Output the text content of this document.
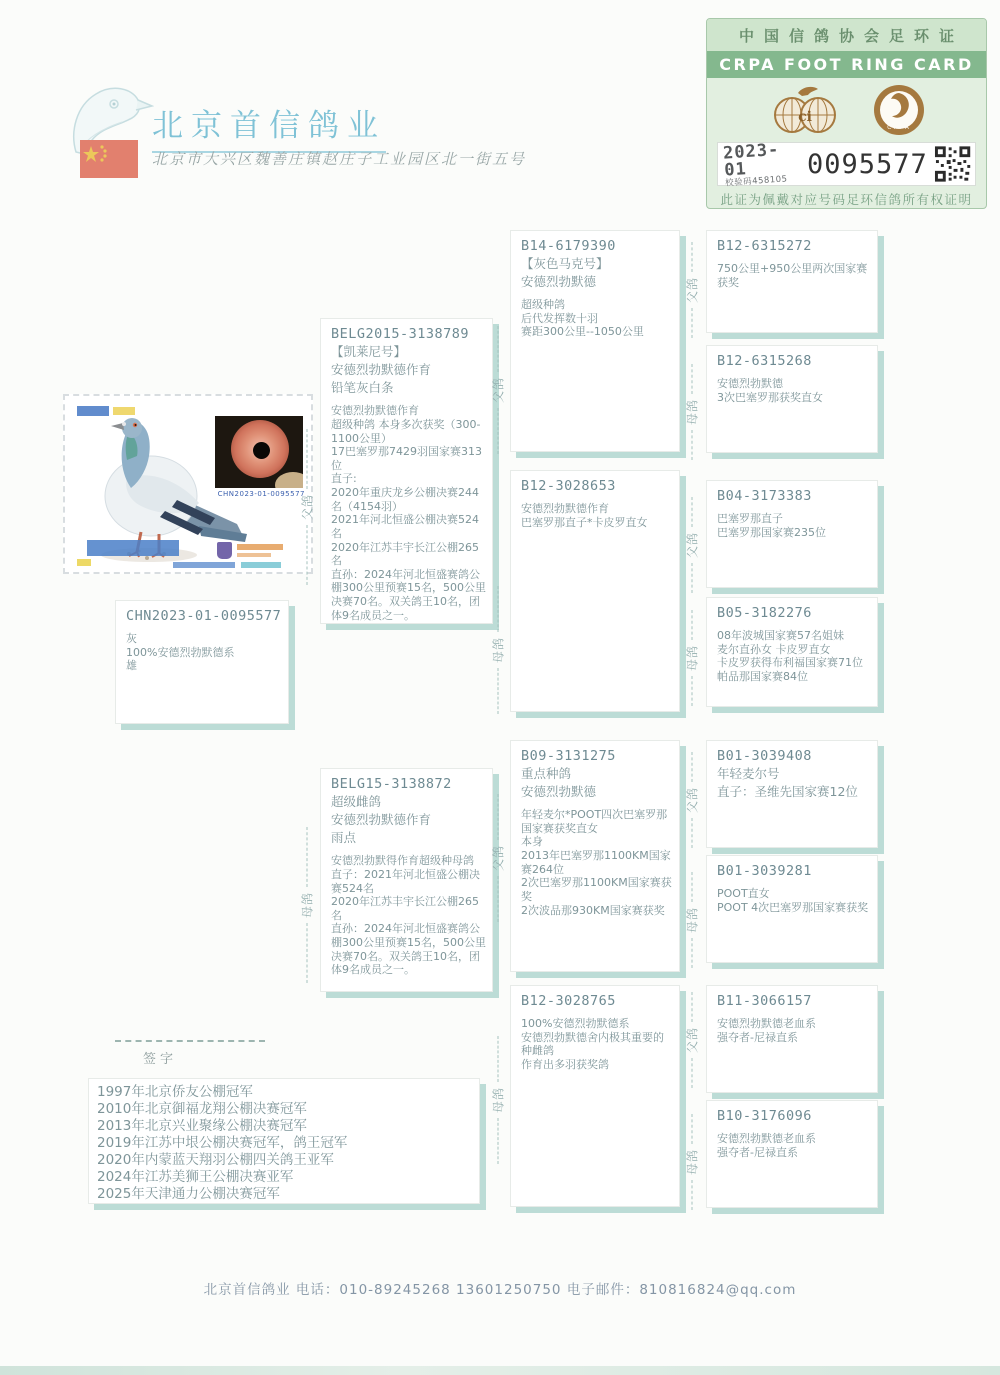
北京首信鸽业
北京市大兴区魏善庄镇赵庄子工业园区北一街五号
中国信鸽协会足环证
CRPA FOOT RING CARD
ci
CRPA
2023-01
校验码458105
0095577
此证为佩戴对应号码足环信鸽所有权证明
CHN2023-01-0095577
CHN2023-01-0095577
灰
100%安德烈勃默德系
雄
BELG2015-3138789
【凯莱尼号】
安德烈勃默德作育
铅笔灰白条
安德烈勃默德作育
超级种鸽 本身多次获奖（300-1100公里）
17巴塞罗那7429羽国家赛313位
直子:
2020年重庆龙乡公棚决赛244名（4154羽）
2021年河北恒盛公棚决赛524名
2020年江苏丰宇长江公棚265名
直孙：2024年河北恒盛赛鸽公棚300公里预赛15名，500公里决赛70名。双关鸽王10名，团体9名成员之一。
BELG15-3138872
超级雌鸽
安德烈勃默德作育
雨点
安德烈勃默得作育超级种母鸽
直子：2021年河北恒盛公棚决赛524名
2020年江苏丰宇长江公棚265名
直孙：2024年河北恒盛赛鸽公棚300公里预赛15名，500公里决赛70名。双关鸽王10名，团体9名成员之一。
B14-6179390
【灰色马克号】
安德烈勃默德
超级种鸽
后代发挥数十羽
赛距300公里--1050公里
B12-3028653
安德烈勃默德作育
巴塞罗那直子*卡皮罗直女
B09-3131275
重点种鸽
安德烈勃默德
年轻麦尔*POOT四次巴塞罗那国家赛获奖直女
本身
2013年巴塞罗那1100KM国家赛264位
2次巴塞罗那1100KM国家赛获奖
2次波品那930KM国家赛获奖
B12-3028765
100%安德烈勃默德系
安德烈勃默德舍内极其重要的种雌鸽
作育出多羽获奖鸽
B12-6315272
750公里+950公里两次国家赛获奖
B12-6315268
安德烈勃默德
3次巴塞罗那获奖直女
B04-3173383
巴塞罗那直子
巴塞罗那国家赛235位
B05-3182276
08年波城国家赛57名姐妹
麦尔直孙女 卡皮罗直女
卡皮罗获得布利福国家赛71位帕品那国家赛84位
B01-3039408
年轻麦尔号
直子：圣维先国家赛12位
B01-3039281
POOT直女
POOT 4次巴塞罗那国家赛获奖
B11-3066157
安德烈勃默德老血系
强夺者-尼禄直系
B10-3176096
安德烈勃默德老血系
强夺者-尼禄直系
父鸽
母鸽
父鸽
母鸽
父鸽
母鸽
父鸽
母鸽
父鸽
母鸽
父鸽
母鸽
父鸽
母鸽
签字
1997年北京侨友公棚冠军
2010年北京御福龙翔公棚决赛冠军
2013年北京兴业聚缘公棚决赛冠军
2019年江苏中垠公棚决赛冠军，鸽王冠军
2020年内蒙蓝天翔羽公棚四关鸽王亚军
2024年江苏美狮王公棚决赛亚军
2025年天津通力公棚决赛冠军
北京首信鸽业 电话：010-89245268 13601250750 电子邮件：810816824@qq.com
